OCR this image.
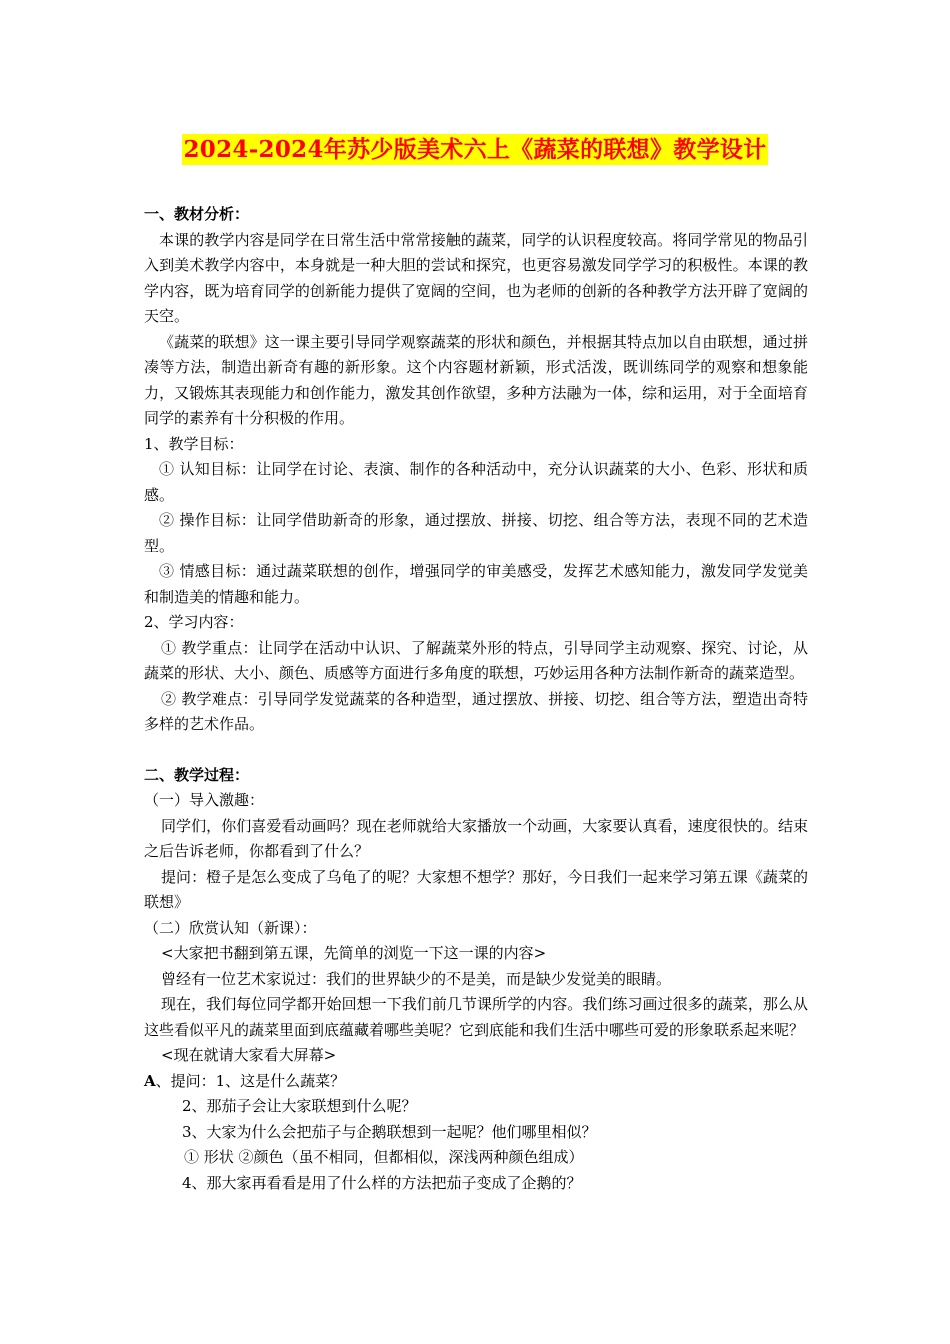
2024-2024年苏少版美术六上《蔬菜的联想》教学设计

一、教材分析：

本课的教学内容是同学在日常生活中常常接触的蔬菜，同学的认识程度较高。将同学常见的物品引入到美术教学内容中，本身就是一种大胆的尝试和探究，也更容易激发同学学习的积极性。本课的教学内容，既为培育同学的创新能力提供了宽阔的空间，也为老师的创新的各种教学方法开辟了宽阔的天空。

《蔬菜的联想》这一课主要引导同学观察蔬菜的形状和颜色，并根据其特点加以自由联想，通过拼凑等方法，制造出新奇有趣的新形象。这个内容题材新颖，形式活泼，既训练同学的观察和想象能力，又锻炼其表现能力和创作能力，激发其创作欲望，多种方法融为一体，综和运用，对于全面培育同学的素养有十分积极的作用。

1、教学目标：

① 认知目标：让同学在讨论、表演、制作的各种活动中，充分认识蔬菜的大小、色彩、形状和质感。

② 操作目标：让同学借助新奇的形象，通过摆放、拼接、切挖、组合等方法，表现不同的艺术造型。

③ 情感目标：通过蔬菜联想的创作，增强同学的审美感受，发挥艺术感知能力，激发同学发觉美和制造美的情趣和能力。

2、学习内容：

① 教学重点：让同学在活动中认识、了解蔬菜外形的特点，引导同学主动观察、探究、讨论，从蔬菜的形状、大小、颜色、质感等方面进行多角度的联想，巧妙运用各种方法制作新奇的蔬菜造型。

② 教学难点：引导同学发觉蔬菜的各种造型，通过摆放、拼接、切挖、组合等方法，塑造出奇特多样的艺术作品。

二、教学过程：

（一）导入激趣：

同学们，你们喜爱看动画吗？现在老师就给大家播放一个动画，大家要认真看，速度很快的。结束之后告诉老师，你都看到了什么？

提问：橙子是怎么变成了乌龟了的呢？大家想不想学？那好，今日我们一起来学习第五课《蔬菜的联想》

（二）欣赏认知（新课）：

<大家把书翻到第五课，先简单的浏览一下这一课的内容>

曾经有一位艺术家说过：我们的世界缺少的不是美，而是缺少发觉美的眼睛。

现在，我们每位同学都开始回想一下我们前几节课所学的内容。我们练习画过很多的蔬菜，那么从这些看似平凡的蔬菜里面到底蕴藏着哪些美呢？它到底能和我们生活中哪些可爱的形象联系起来呢？

<现在就请大家看大屏幕>

A、提问：1、这是什么蔬菜？

2、那茄子会让大家联想到什么呢？

3、大家为什么会把茄子与企鹅联想到一起呢？他们哪里相似？

① 形状 ②颜色（虽不相同，但都相似，深浅两种颜色组成）

4、那大家再看看是用了什么样的方法把茄子变成了企鹅的？
